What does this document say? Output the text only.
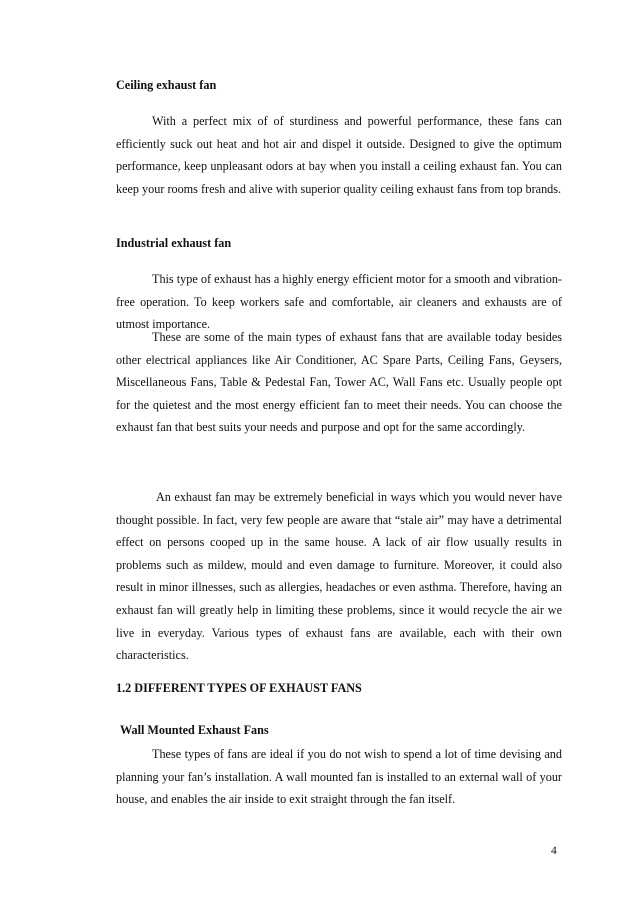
Ceiling exhaust fan

With a perfect mix of of sturdiness and powerful performance, these fans can efficiently suck out heat and hot air and dispel it outside. Designed to give the optimum performance, keep unpleasant odors at bay when you install a ceiling exhaust fan. You can keep your rooms fresh and alive with superior quality ceiling exhaust fans from top brands.

Industrial exhaust fan

This type of exhaust has a highly energy efficient motor for a smooth and vibration-free operation. To keep workers safe and comfortable, air cleaners and exhausts are of utmost importance.

These are some of the main types of exhaust fans that are available today besides other electrical appliances like Air Conditioner, AC Spare Parts, Ceiling Fans, Geysers, Miscellaneous Fans, Table & Pedestal Fan, Tower AC, Wall Fans etc. Usually people opt for the quietest and the most energy efficient fan to meet their needs. You can choose the exhaust fan that best suits your needs and purpose and opt for the same accordingly.

An exhaust fan may be extremely beneficial in ways which you would never have thought possible. In fact, very few people are aware that “stale air” may have a detrimental effect on persons cooped up in the same house. A lack of air flow usually results in problems such as mildew, mould and even damage to furniture. Moreover, it could also result in minor illnesses, such as allergies, headaches or even asthma. Therefore, having an exhaust fan will greatly help in limiting these problems, since it would recycle the air we live in everyday. Various types of exhaust fans are available, each with their own characteristics.

1.2 DIFFERENT TYPES OF EXHAUST FANS
Wall Mounted Exhaust Fans

These types of fans are ideal if you do not wish to spend a lot of time devising and planning your fan’s installation. A wall mounted fan is installed to an external wall of your house, and enables the air inside to exit straight through the fan itself.

4
